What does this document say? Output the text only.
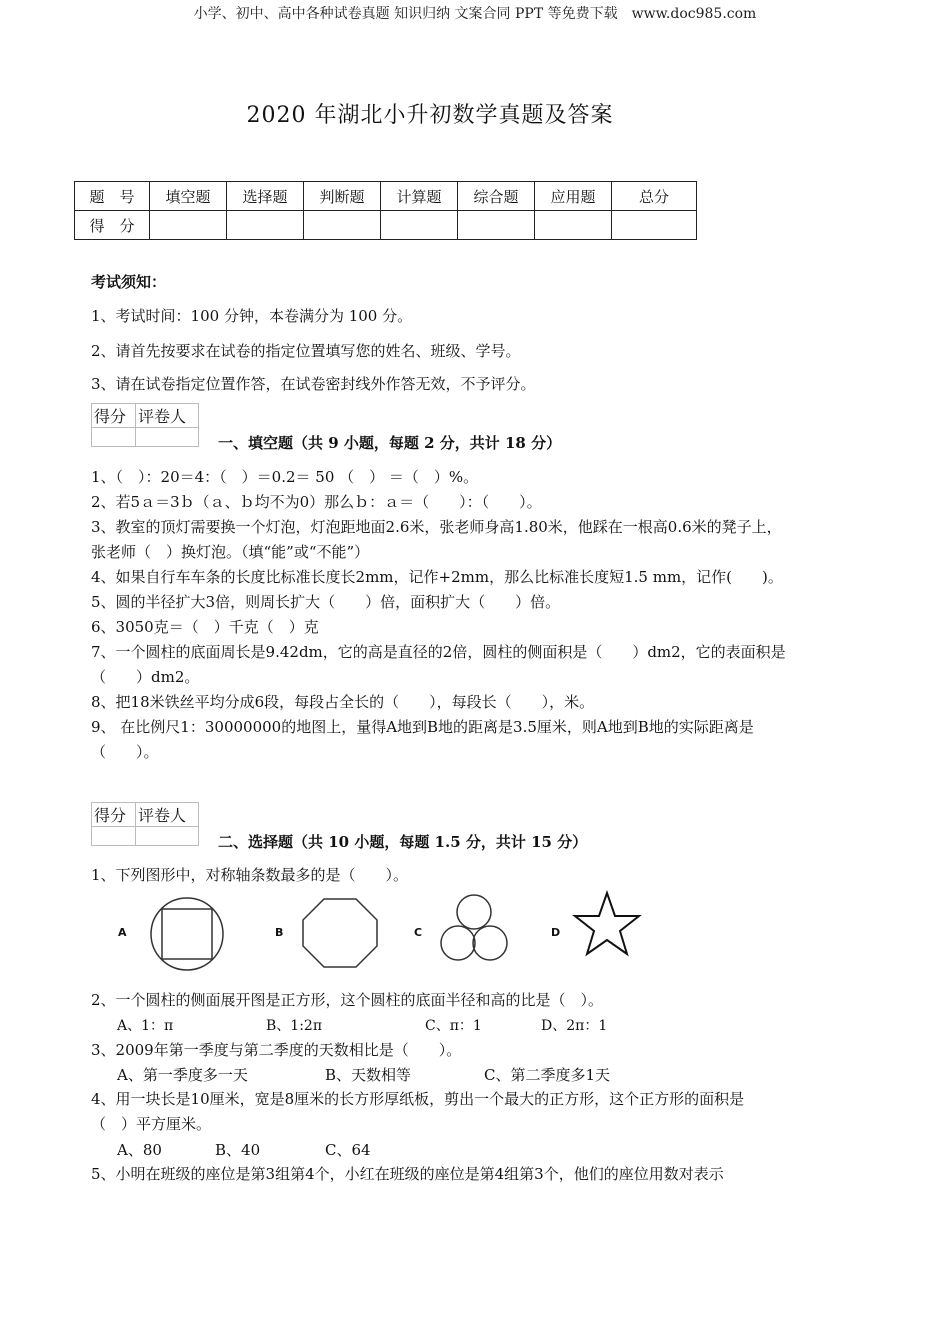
小学、初中、高中各种试卷真题 知识归纳 文案合同 PPT 等免费下载　www.doc985.com
2020 年湖北小升初数学真题及答案
题　号	填空题	选择题	判断题	计算题	综合题	应用题	总分
得　分							
考试须知：
1、考试时间：100 分钟，本卷满分为 100 分。
2、请首先按要求在试卷的指定位置填写您的姓名、班级、学号。
3、请在试卷指定位置作答，在试卷密封线外作答无效，不予评分。
得分	评卷人

一、填空题（共 9 小题，每题 2 分，共计 18 分）
1、（　）：20＝4：（　）＝0.2＝ 50 （　） ＝（　）%。
2、若5ａ＝3ｂ（ａ、ｂ均不为0）那么ｂ：ａ＝（　　）：（　　）。
3、教室的顶灯需要换一个灯泡，灯泡距地面2.6米，张老师身高1.80米，他踩在一根高0.6米的凳子上，
张老师（　）换灯泡。（填“能”或“不能”）
4、如果自行车车条的长度比标准长度长2mm，记作+2mm，那么比标准长度短1.5 mm，记作(　　)。
5、圆的半径扩大3倍，则周长扩大（　　）倍，面积扩大（　　）倍。
6、3050克＝（　）千克（　）克
7、一个圆柱的底面周长是9.42dm，它的高是直径的2倍，圆柱的侧面积是（　　）dm2，它的表面积是
（　　）dm2。
8、把18米铁丝平均分成6段，每段占全长的（　　），每段长（　　），米。
9、 在比例尺1：30000000的地图上，量得A地到B地的距离是3.5厘米，则A地到B地的实际距离是
（　　）。
得分	评卷人

二、选择题（共 10 小题，每题 1.5 分，共计 15 分）
1、下列图形中，对称轴条数最多的是（　　）。
A	B	C	D
2、一个圆柱的侧面展开图是正方形，这个圆柱的底面半径和高的比是（　）。
A、1：π	B、1:2π	C、π：1	D、2π：1
3、2009年第一季度与第二季度的天数相比是（　　）。
A、第一季度多一天	B、天数相等	C、第二季度多1天
4、用一块长是10厘米，宽是8厘米的长方形厚纸板，剪出一个最大的正方形，这个正方形的面积是
（　）平方厘米。
A、80	B、40	C、64
5、小明在班级的座位是第3组第4个，小红在班级的座位是第4组第3个，他们的座位用数对表示
